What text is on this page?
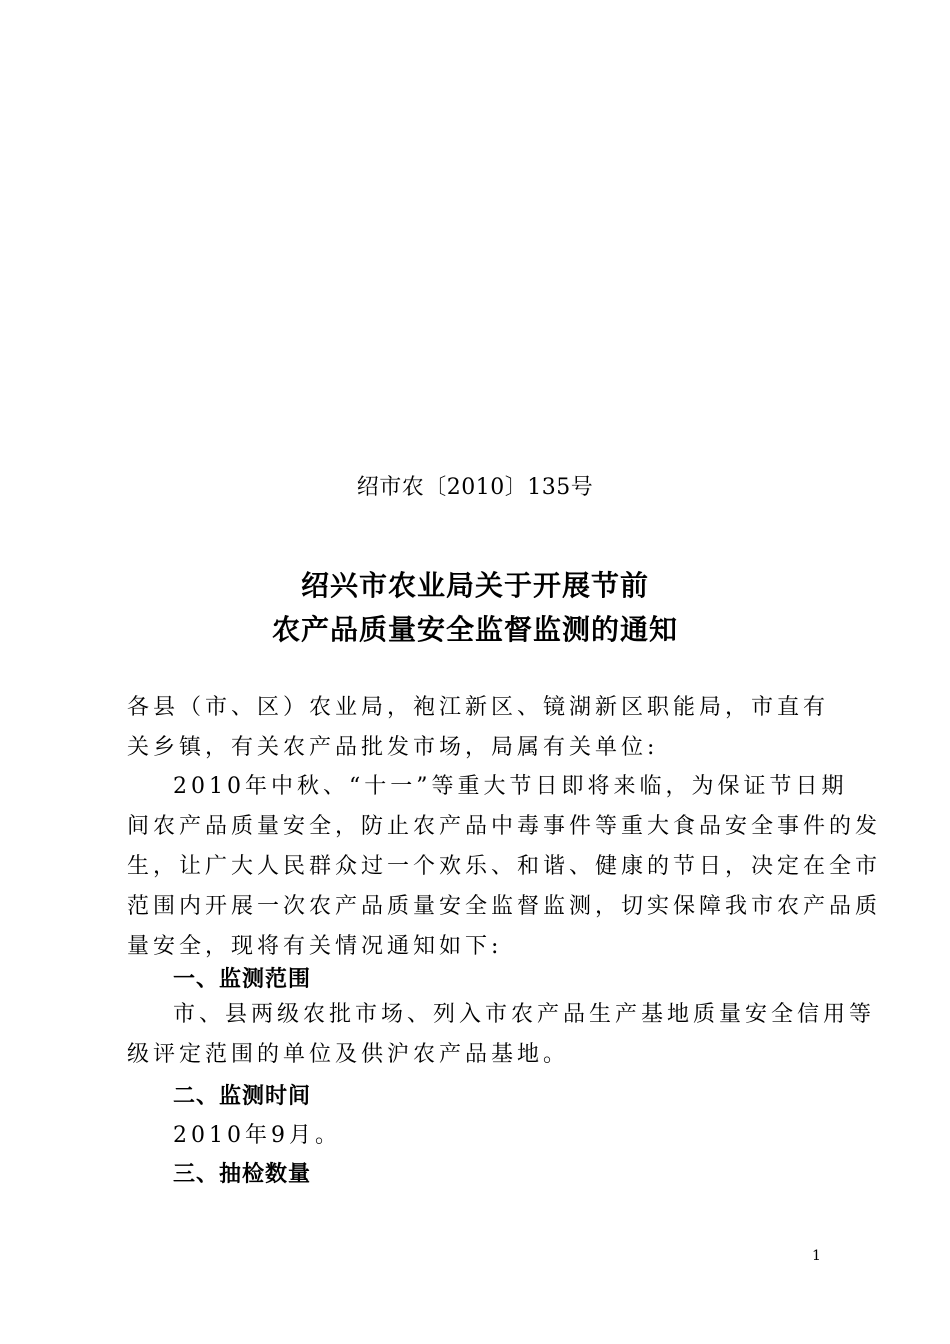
绍市农〔2010〕135号
绍兴市农业局关于开展节前
农产品质量安全监督监测的通知
各县（市、区）农业局，袍江新区、镜湖新区职能局，市直有
关乡镇，有关农产品批发市场，局属有关单位:
2010年中秋、“十一”等重大节日即将来临，为保证节日期
间农产品质量安全，防止农产品中毒事件等重大食品安全事件的发
生，让广大人民群众过一个欢乐、和谐、健康的节日，决定在全市
范围内开展一次农产品质量安全监督监测，切实保障我市农产品质
量安全，现将有关情况通知如下:
一、监测范围
市、县两级农批市场、列入市农产品生产基地质量安全信用等
级评定范围的单位及供沪农产品基地。
二、监测时间
2010年9月。
三、抽检数量
1
